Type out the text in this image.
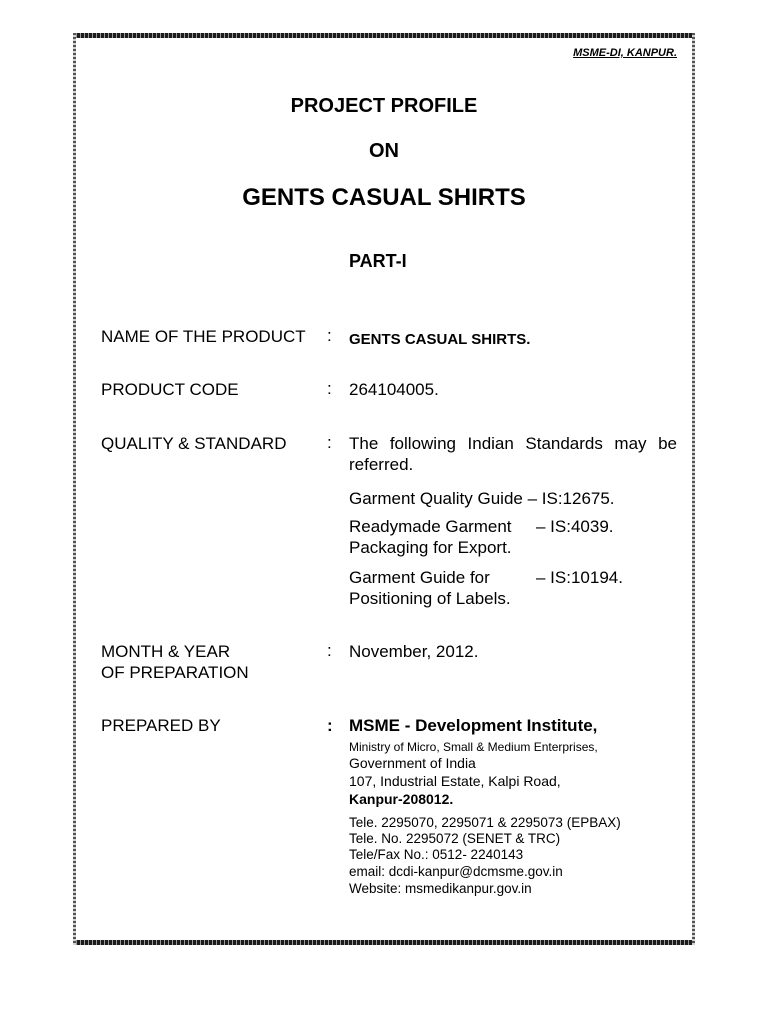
MSME-DI, KANPUR.
PROJECT PROFILE
ON
GENTS CASUAL SHIRTS
PART-I
NAME OF THE PRODUCT : GENTS CASUAL SHIRTS.
PRODUCT CODE	: 264104005.
QUALITY & STANDARD : The following Indian Standards may be
referred.
Garment Quality Guide – IS:12675.
Readymade Garment – IS:4039.
Packaging for Export.
Garment Guide for	– IS:10194.
Positioning of Labels.
MONTH & YEAR
OF PREPARATION
: November, 2012.
PREPARED BY	: MSME - Development Institute,
Ministry of Micro, Small & Medium Enterprises,
Government of India
107, Industrial Estate, Kalpi Road,
Kanpur-208012.
Tele. 2295070, 2295071 & 2295073 (EPBAX)
Tele. No. 2295072 (SENET & TRC)
Tele/Fax No.: 0512- 2240143
email: dcdi-kanpur@dcmsme.gov.in
Website: msmedikanpur.gov.in
